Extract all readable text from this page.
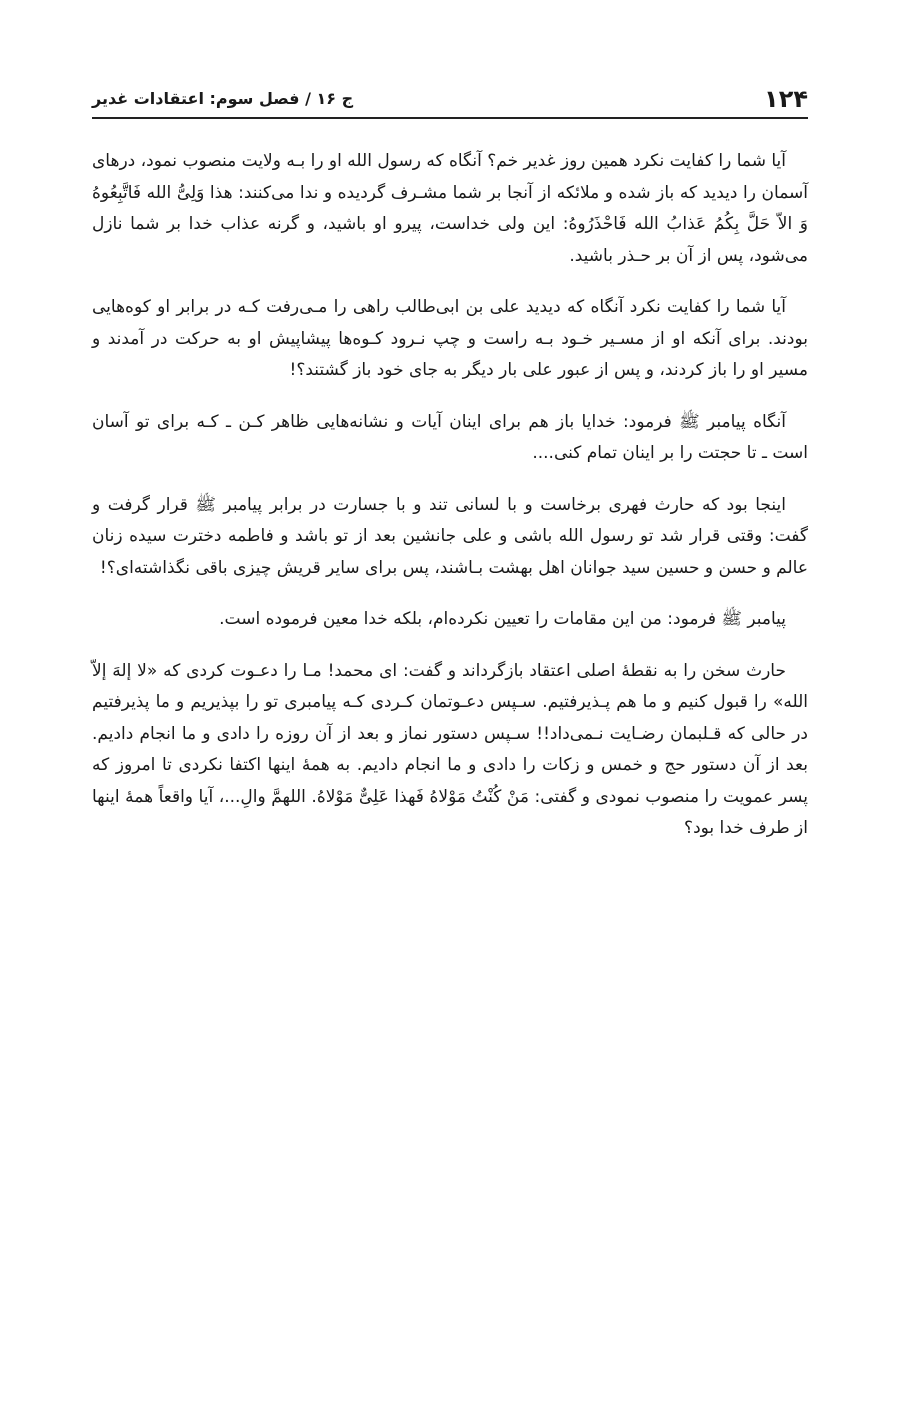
۱۲۴
ج ۱۶ / فصل سوم: اعتقادات غدیر

آیا شما را کفایت نکرد همین روز غدیر خم؟ آنگاه که رسول الله او را بـه ولایت منصوب نمود، درهای آسمان را دیدید که باز شده و ملائکه از آنجا بر شما مشـرف گردیده و ندا می‌کنند: هذا وَلِیُّ الله فَاتَّبِعُوهُ وَ الاّ حَلَّ بِکُمُ عَذابُ الله فَاحْذَرُوهُ: این ولی خداست، پیرو او باشید، و گرنه عذاب خدا بر شما نازل می‌شود، پس از آن بر حـذر باشید.

آیا شما را کفایت نکرد آنگاه که دیدید علی بن ابی‌طالب راهی را مـی‌رفت کـه در برابر او کوه‌هایی بودند. برای آنکه او از مسـیر خـود بـه راست و چپ نـرود کـوه‌ها پیشاپیش او به حرکت در آمدند و مسیر او را باز کردند، و پس از عبور علی بار دیگر به جای خود باز گشتند؟!

آنگاه پیامبر ﷺ فرمود: خدایا باز هم برای اینان آیات و نشانه‌هایی ظاهر کـن ـ کـه برای تو آسان است ـ تا حجتت را بر اینان تمام کنی....

اینجا بود که حارث فهری برخاست و با لسانی تند و با جسارت در برابر پیامبر ﷺ قرار گرفت و گفت: وقتی قرار شد تو رسول الله باشی و علی جانشین بعد از تو باشد و فاطمه دخترت سیده زنان عالم و حسن و حسین سید جوانان اهل بهشت بـاشند، پس برای سایر قریش چیزی باقی نگذاشته‌ای؟!

پیامبر ﷺ فرمود: من این مقامات را تعیین نکرده‌ام، بلکه خدا معین فرموده است.

حارث سخن را به نقطهٔ اصلی اعتقاد بازگرداند و گفت: ای محمد! مـا را دعـوت کردی که «لا إلهَ إلاّ الله» را قبول کنیم و ما هم پـذیرفتیم. سـپس دعـوتمان کـردی کـه پیامبری تو را بپذیریم و ما پذیرفتیم در حالی که قـلبمان رضـایت نـمی‌داد!! سـپس دستور نماز و بعد از آن روزه را دادی و ما انجام دادیم. بعد از آن دستور حج و خمس و زکات را دادی و ما انجام دادیم. به همهٔ اینها اکتفا نکردی تا امروز که پسر عمویت را منصوب نمودی و گفتی: مَنْ کُنْتُ مَوْلاهُ فَهذا عَلِیٌّ مَوْلاهُ. اللهمَّ والِ...، آیا واقعاً همهٔ اینها از طرف خدا بود؟
